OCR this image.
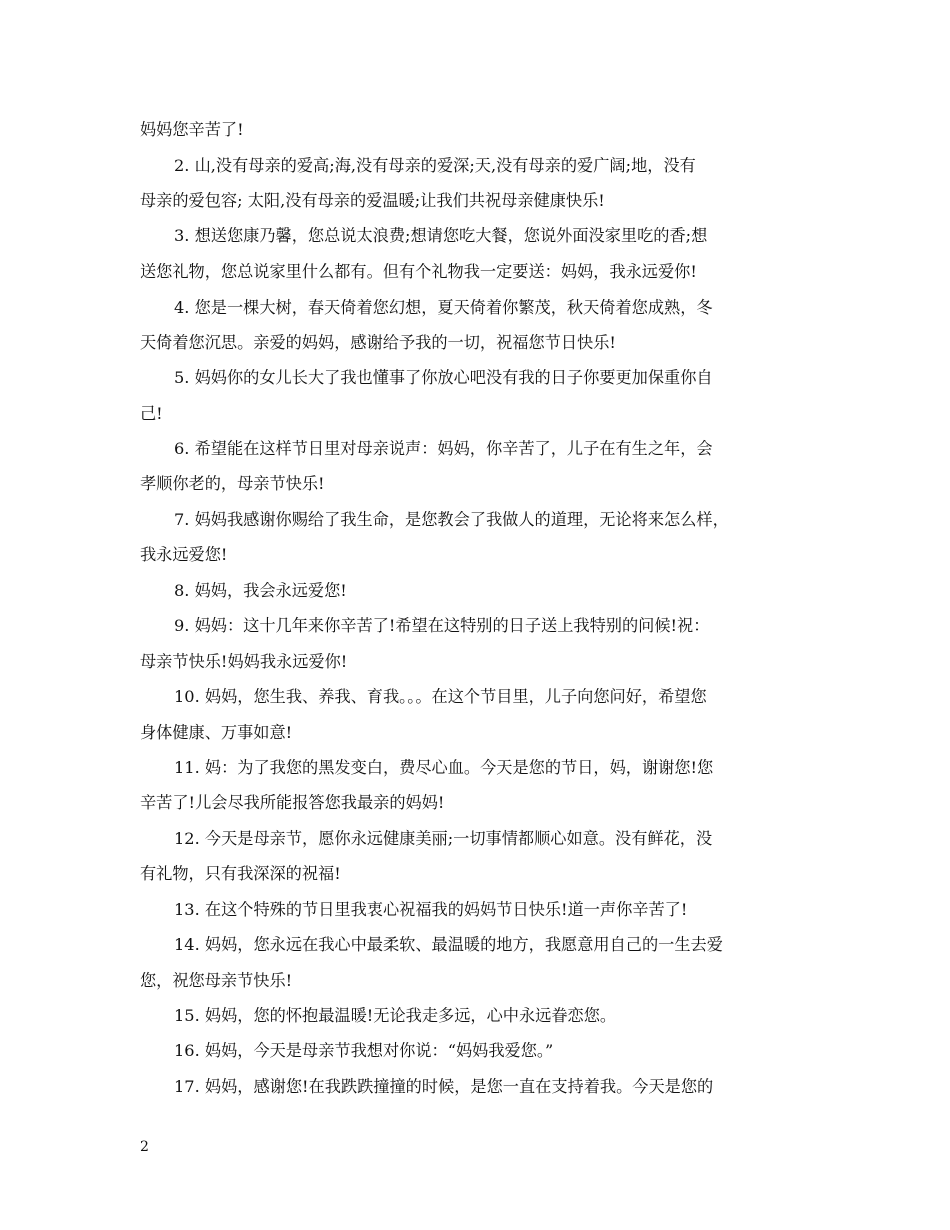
妈妈您辛苦了!
2. 山,没有母亲的爱高;海,没有母亲的爱深;天,没有母亲的爱广阔;地，没有
母亲的爱包容; 太阳,没有母亲的爱温暖;让我们共祝母亲健康快乐!
3. 想送您康乃馨，您总说太浪费;想请您吃大餐，您说外面没家里吃的香;想
送您礼物，您总说家里什么都有。但有个礼物我一定要送：妈妈，我永远爱你!
4. 您是一棵大树，春天倚着您幻想，夏天倚着你繁茂，秋天倚着您成熟，冬
天倚着您沉思。亲爱的妈妈，感谢给予我的一切，祝福您节日快乐!
5. 妈妈你的女儿长大了我也懂事了你放心吧没有我的日子你要更加保重你自
己!
6. 希望能在这样节日里对母亲说声：妈妈，你辛苦了，儿子在有生之年，会
孝顺你老的，母亲节快乐!
7. 妈妈我感谢你赐给了我生命，是您教会了我做人的道理，无论将来怎么样，
我永远爱您!
8. 妈妈，我会永远爱您!
9. 妈妈：这十几年来你辛苦了!希望在这特别的日子送上我特别的问候!祝：
母亲节快乐!妈妈我永远爱你!
10. 妈妈，您生我、养我、育我。。。在这个节目里，儿子向您问好，希望您
身体健康、万事如意!
11. 妈：为了我您的黑发变白，费尽心血。今天是您的节日，妈，谢谢您!您
辛苦了!儿会尽我所能报答您我最亲的妈妈!
12. 今天是母亲节，愿你永远健康美丽;一切事情都顺心如意。没有鲜花，没
有礼物，只有我深深的祝福!
13. 在这个特殊的节日里我衷心祝福我的妈妈节日快乐!道一声你辛苦了!
14. 妈妈，您永远在我心中最柔软、最温暖的地方，我愿意用自己的一生去爱
您，祝您母亲节快乐!
15. 妈妈，您的怀抱最温暖!无论我走多远，心中永远眷恋您。
16. 妈妈，今天是母亲节我想对你说：“妈妈我爱您。”
17. 妈妈，感谢您!在我跌跌撞撞的时候，是您一直在支持着我。今天是您的
2
